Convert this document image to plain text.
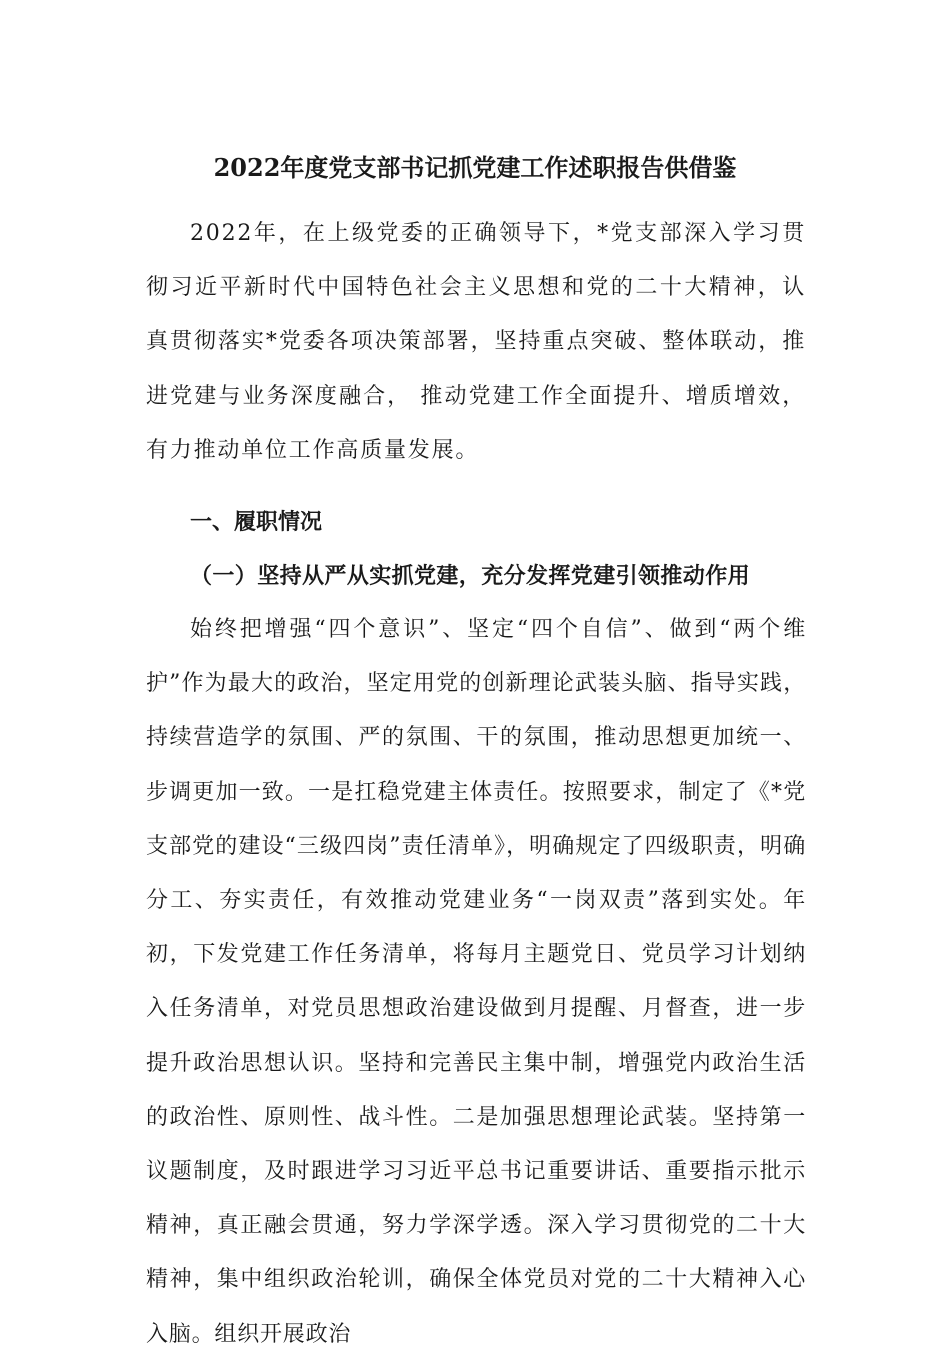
2022年度党支部书记抓党建工作述职报告供借鉴

2022年，在上级党委的正确领导下，*党支部深入学习贯彻习近平新时代中国特色社会主义思想和党的二十大精神，认真贯彻落实*党委各项决策部署，坚持重点突破、整体联动，推进党建与业务深度融合， 推动党建工作全面提升、增质增效，有力推动单位工作高质量发展。

一、履职情况

（一）坚持从严从实抓党建，充分发挥党建引领推动作用

始终把增强“四个意识”、坚定“四个自信”、做到“两个维护”作为最大的政治，坚定用党的创新理论武装头脑、指导实践，持续营造学的氛围、严的氛围、干的氛围，推动思想更加统一、步调更加一致。一是扛稳党建主体责任。按照要求，制定了《*党支部党的建设“三级四岗”责任清单》，明确规定了四级职责，明确分工、夯实责任，有效推动党建业务“一岗双责”落到实处。年初，下发党建工作任务清单，将每月主题党日、党员学习计划纳入任务清单，对党员思想政治建设做到月提醒、月督查，进一步提升政治思想认识。坚持和完善民主集中制，增强党内政治生活的政治性、原则性、战斗性。二是加强思想理论武装。坚持第一议题制度，及时跟进学习习近平总书记重要讲话、重要指示批示精神，真正融会贯通，努力学深学透。深入学习贯彻党的二十大精神，集中组织政治轮训，确保全体党员对党的二十大精神入心入脑。组织开展政治
